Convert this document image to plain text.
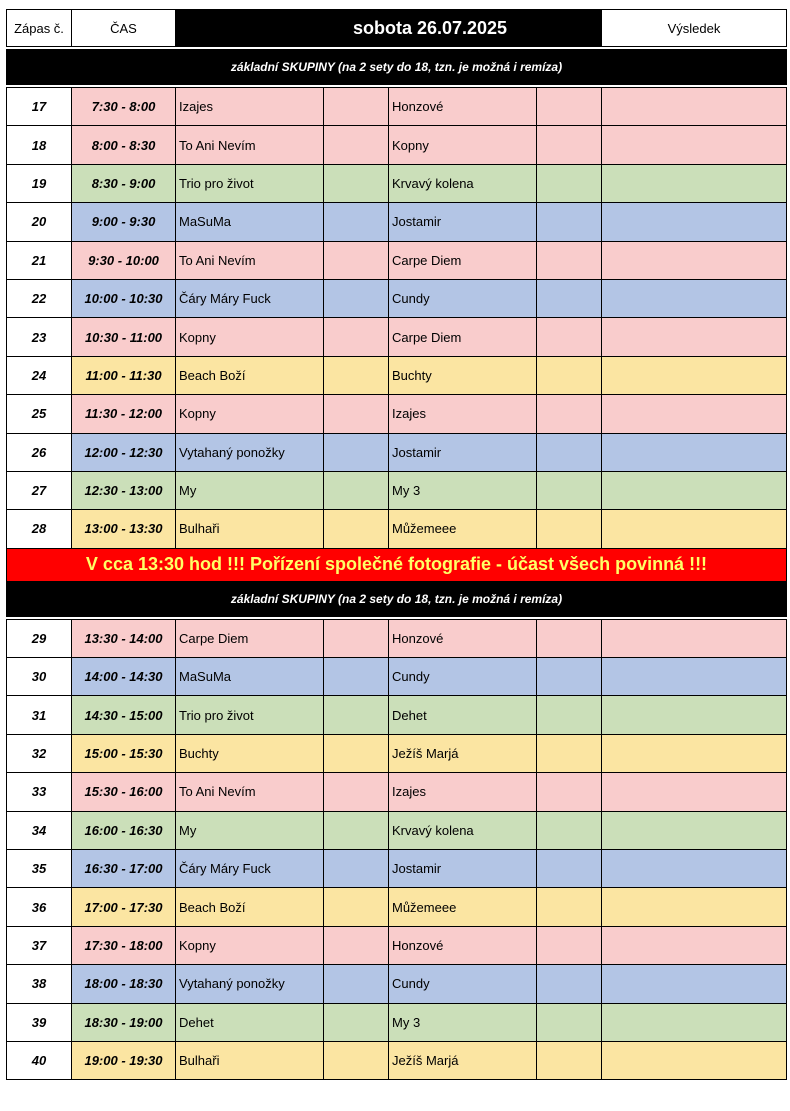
Zápas č.	ČAS		sobota 26.07.2025			Výsledek

základní SKUPINY (na 2 sety do 18, tzn. je možná i remíza)						

17	7:30 - 8:00	Izajes		Honzové		
18	8:00 - 8:30	To Ani Nevím		Kopny		
19	8:30 - 9:00	Trio pro život		Krvavý kolena		
20	9:00 - 9:30	MaSuMa		Jostamir		
21	9:30 - 10:00	To Ani Nevím		Carpe Diem		
22	10:00 - 10:30	Čáry Máry Fuck		Cundy		
23	10:30 - 11:00	Kopny		Carpe Diem		
24	11:00 - 11:30	Beach Boží		Buchty		
25	11:30 - 12:00	Kopny		Izajes		
26	12:00 - 12:30	Vytahaný ponožky		Jostamir		
27	12:30 - 13:00	My		My 3		
28	13:00 - 13:30	Bulhaři		Můžemeee		
V cca 13:30 hod !!! Pořízení společné fotografie - účast všech povinná !!!						
základní SKUPINY (na 2 sety do 18, tzn. je možná i remíza)						

29	13:30 - 14:00	Carpe Diem		Honzové		
30	14:00 - 14:30	MaSuMa		Cundy		
31	14:30 - 15:00	Trio pro život		Dehet		
32	15:00 - 15:30	Buchty		Ježíš Marjá		
33	15:30 - 16:00	To Ani Nevím		Izajes		
34	16:00 - 16:30	My		Krvavý kolena		
35	16:30 - 17:00	Čáry Máry Fuck		Jostamir		
36	17:00 - 17:30	Beach Boží		Můžemeee		
37	17:30 - 18:00	Kopny		Honzové		
38	18:00 - 18:30	Vytahaný ponožky		Cundy		
39	18:30 - 19:00	Dehet		My 3		
40	19:00 - 19:30	Bulhaři		Ježíš Marjá		
